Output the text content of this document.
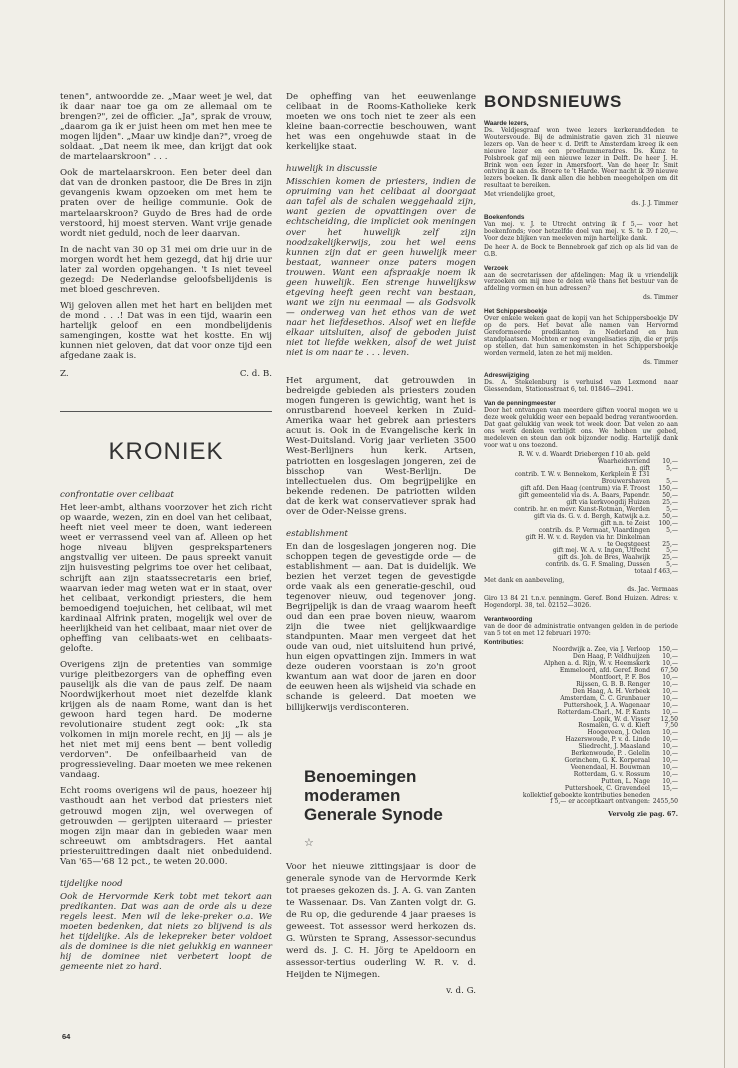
tenen", antwoordde ze. „Maar weet je wel, dat ik daar naar toe ga om ze allemaal om te brengen?", zei de officier. „Ja", sprak de vrouw, „daarom ga ik er juist heen om met hen mee te mogen lijden". „Maar uw kindje dan?", vroeg de soldaat. „Dat neem ik mee, dan krijgt dat ook de martelaarskroon" . . .

Ook de martelaarskroon. Een beter deel dan dat van de dronken pastoor, die De Bres in zijn gevangenis kwam opzoeken om met hem te praten over de heilige communie. Ook de martelaarskroon? Guydo de Bres had de orde verstoord, hij moest sterven. Want vrije genade wordt niet geduld, noch de leer daarvan.

In de nacht van 30 op 31 mei om drie uur in de morgen wordt het hem gezegd, dat hij drie uur later zal worden opgehangen. 't Is niet teveel gezegd: De Nederlandse geloofsbelijdenis is met bloed geschreven.

Wij geloven allen met het hart en belijden met de mond . . .! Dat was in een tijd, waarin een hartelijk geloof en een mondbelijdenis samengingen, kostte wat het kostte. En wij kunnen niet geloven, dat dat voor onze tijd een afgedane zaak is.

Z.	C. d. B.
KRONIEK
confrontatie over celibaat

Het leer-ambt, althans voorzover het zich richt op waarde, wezen, zin en doel van het celibaat, heeft niet veel meer te doen, want iedereen weet er verrassend veel van af. Alleen op het hoge niveau blijven gespreksparteners angstvallig ver uiteen. De paus spreekt vanuit zijn huisvesting pelgrims toe over het celibaat, schrijft aan zijn staatssecretaris een brief, waarvan ieder mag weten wat er in staat, over het celibaat, verkondigt priesters, die hem bemoedigend toejuichen, het celibaat, wil met kardinaal Alfrink praten, mogelijk wel over de heerlijkheid van het celibaat, maar niet over de opheffing van celibaats-wet en celibaats-gelofte.

Overigens zijn de pretenties van sommige vurige pleitbezorgers van de opheffing even pauselijk als die van de paus zelf. De naam Noordwijkerhout moet niet dezelfde klank krijgen als de naam Rome, want dan is het gewoon hard tegen hard. De moderne revolutionaire student zegt ook: „Ik sta volkomen in mijn morele recht, en jij — als je het niet met mij eens bent — bent volledig verdorven". De onfeilbaarheid van de progressieveling. Daar moeten we mee rekenen vandaag.

Echt rooms overigens wil de paus, hoezeer hij vasthoudt aan het verbod dat priesters niet getrouwd mogen zijn, wel overwegen of getrouwden — gerijpten uiteraard — priester mogen zijn maar dan in gebieden waar men schreeuwt om ambtsdragers. Het aantal priesteruittredingen daalt niet onbeduidend. Van '65—'68 12 pct., te weten 20.000.

tijdelijke nood

Ook de Hervormde Kerk tobt met tekort aan predikanten. Dat was aan de orde als u deze regels leest. Men wil de leke-preker o.a. We moeten bedenken, dat niets zo blijvend is als het tijdelijke. Als de lekepreker beter voldoet als de dominee is die niet gelukkig en wanneer hij de dominee niet verbetert loopt de gemeente niet zo hard.

De opheffing van het eeuwenlange celibaat in de Rooms-Katholieke kerk moeten we ons toch niet te zeer als een kleine baan-correctie beschouwen, want het was een ongehuwde staat in de kerkelijke staat.

huwelijk in discussie

Misschien komen de priesters, indien de opruiming van het celibaat al doorgaat aan tafel als de schalen weggehaald zijn, want gezien de opvattingen over de echtscheiding, die impliciet ook meningen over het huwelijk zelf zijn noodzakelijkerwijs, zou het wel eens kunnen zijn dat er geen huwelijk meer bestaat, wanneer onze paters mogen trouwen. Want een afspraakje noem ik geen huwelijk. Een strenge huwelijksw etgeving heeft geen recht van bestaan, want we zijn nu eenmaal — als Godsvolk — onderweg van het ethos van de wet naar het liefdesethos. Alsof wet en liefde elkaar uitsluiten, alsof de geboden juist niet tot liefde wekken, alsof de wet juist niet is om naar te . . . leven.

Het argument, dat getrouwden in bedreigde gebieden als priesters zouden mogen fungeren is gewichtig, want het is onrustbarend hoeveel kerken in Zuid-Amerika waar het gebrek aan priesters acuut is. Ook in de Evangelische kerk in West-Duitsland. Vorig jaar verlieten 3500 West-Berlijners hun kerk. Artsen, patriotten en losgeslagen jongeren, zei de bisschop van West-Berlijn. De intellectuelen dus. Om begrijpelijke en bekende redenen. De patriotten wilden dat de kerk wat conservatiever sprak had over de Oder-Neisse grens.

establishment

En dan de losgeslagen jongeren nog. Die schoppen tegen de gevestigde orde — de establishment — aan. Dat is duidelijk. We bezien het verzet tegen de gevestigde orde vaak als een generatie-geschil, oud tegenover nieuw, oud tegenover jong. Begrijpelijk is dan de vraag waarom heeft oud dan een prae boven nieuw, waarom zijn die twee niet gelijkwaardige standpunten. Maar men vergeet dat het oude van oud, niet uitsluitend hun privé, hun eigen opvattingen zijn. Immers in wat deze ouderen voorstaan is zo'n groot kwantum aan wat door de jaren en door de eeuwen heen als wijsheid via schade en schande is geleerd. Dat moeten we billijkerwijs verdisconteren.

Benoemingen moderamen Generale Synode
☆

Voor het nieuwe zittingsjaar is door de generale synode van de Hervormde Kerk tot praeses gekozen ds. J. A. G. van Zanten te Wassenaar. Ds. Van Zanten volgt dr. G. de Ru op, die gedurende 4 jaar praeses is geweest. Tot assessor werd herkozen ds. G. Würsten te Sprang, Assessor-secundus werd ds. J. C. H. Jörg te Apeldoorn en assessor-tertius ouderling W. R. v. d. Heijden te Nijmegen.

v. d. G.

BONDSNIEUWS
Waarde lezers,

Ds. Veldjesgraaf won twee lezers kerkeranddeden te Woutersvoude. Bij de administratie gaven zich 31 nieuwe lezers op. Van de heer v. d. Drift te Amsterdam kreeg ik een nieuwe lezer en een proefnummeradres. Ds. Kunz te Polsbroek gaf mij een nieuwe lezer in Delft. De heer J. H. Brink won een lezer in Amersfoort. Van de heer Ir. Smit ontving ik aan ds. Broere te 't Harde. Weer nacht ik 39 nieuwe lezers boeken. Ik dank allen die hebben meegeholpen om dit resultaat te bereiken.

Met vriendelijke groet,

ds. J. J. Timmer

Boekenfonds

Van mej. v. J. te Utrecht ontving ik f 5,— voor het boekenfonds; voor hetzelfde doel van mej. v. S. te D. f 20,—. Voor deze blijken van meeleven mijn hartelijke dank.

De heer A. de Bock te Bennebroek gaf zich op als lid van de G.B.

Verzoek

aan de secretarissen der afdelingen: Mag ik u vriendelijk verzoeken om mij mee te delen wie thans het bestuur van de afdeling vormen en hun adressen?

ds. Timmer

Het Schippersboekje

Over enkele weken gaat de kopij van het Schippersboekje DV op de pers. Het bevat alle namen van Hervormd Gereformeerde predikanten in Nederland en hun standplaatsen. Mochten er nog evangelisaties zijn, die er prijs op stellen, dat hun samenkomsten in het Schippersboekje worden vermeld, laten ze het mij melden.

ds. Timmer

Adreswijziging

Ds. A. Stekelenburg is verhuisd van Lexmond naar Giessendam, Stationsstraat 6, tel. 01846—2941.

Van de penningmeester

Door het ontvangen van meerdere giften vooral mogen we u deze week gelukkig weer een bepaald bedrag verantwoorden. Dat gaat gelukkig van week tot week door. Dat velen zo aan ons werk denken verblijdt ons. We hebben uw gebed, medeleven en steun dan ook bijzonder nodig. Hartelijk dank voor wat u ons toezond.

R. W. v. d. Waardt Driebergen f 10 ab. geld
Waarheidsvriend	10,—
n.n. gift	5,—
contrib. T. W. v. Bennekom, Kerkplein E 131
Brouwershaven	5,—
gift afd. Den Haag (centrum) via F. Troost	150,—
gift gemeentelid via ds. A. Baars, Papendr.	50,—
gift via kerkvoogdij Huizen	25,—
contrib. hr. en mevr. Kunst-Rotman, Werden	5,—
gift via ds. G. v. d. Bergh, Katwijk a.z.	50,—
gift n.n. te Zeist	100,—
contrib. ds. P. Vermaat, Vlaardingen	5,—
gift H. W. v. d. Reyden via hr. Dinkelman
te Oegstgeest	25,—
gift mej. W. A. v. Ingen, Utrecht	5,—
gift ds. Joh. de Bres, Waalwijk	25,—
contrib. ds. G. F. Smaling, Dussen	5,—

totaal f 463,—

Met dank en aanbeveling,

ds. Jac. Vermaas

Giro 13 84 21 t.n.v. penningm. Geref. Bond Huizen. Adres: v. Hogendorpl. 38, tel. 02152—3026.

Verantwoording

van de door de administratie ontvangen gelden in de periode van 5 tot en met 12 februari 1970:

Kontributies:
Noordwijk a. Zee, via J. Verloop	150,—
Den Haag, P. Veldhuijzen	10,—
Alphen a. d. Rijn, W. v. Heemskerk	10,—
Emmeloord, afd. Geref. Bond	67,50
Montfoort, P. F. Bos	10,—
Rijssen, G. B. B. Renger	10,—
Den Haag, A. H. Verbeek	10,—
Amsterdam, C. C. Grunbauer	10,—
Puttershoek, J. A. Wagenaar	10,—
Rotterdam-Charl., M. P. Kants	10,—
Lopik, W. d. Visser	12,50
Rosmalen, G. v. d. Kieft	7,50
Hoogeveen, J. Oelen	10,—
Hazerswoude, P. v. d. Linde	10,—
Sliedrecht, J. Maasland	10,—
Berkenwoude, P. . Gelelin	10,—
Gorinchem, G. K. Korperaal	10,—
Veenendaal, H. Bouwman	10,—
Rotterdam, G. v. Rossum	10,—
Putten, L. Nage	10,—
Puttershoek, C. Gravendeel	15,—
kollektief geboekte kontributies beneden
f 5,— er acceptkaart ontvangen: 2455,50
Vervolg zie pag. 67.
64
